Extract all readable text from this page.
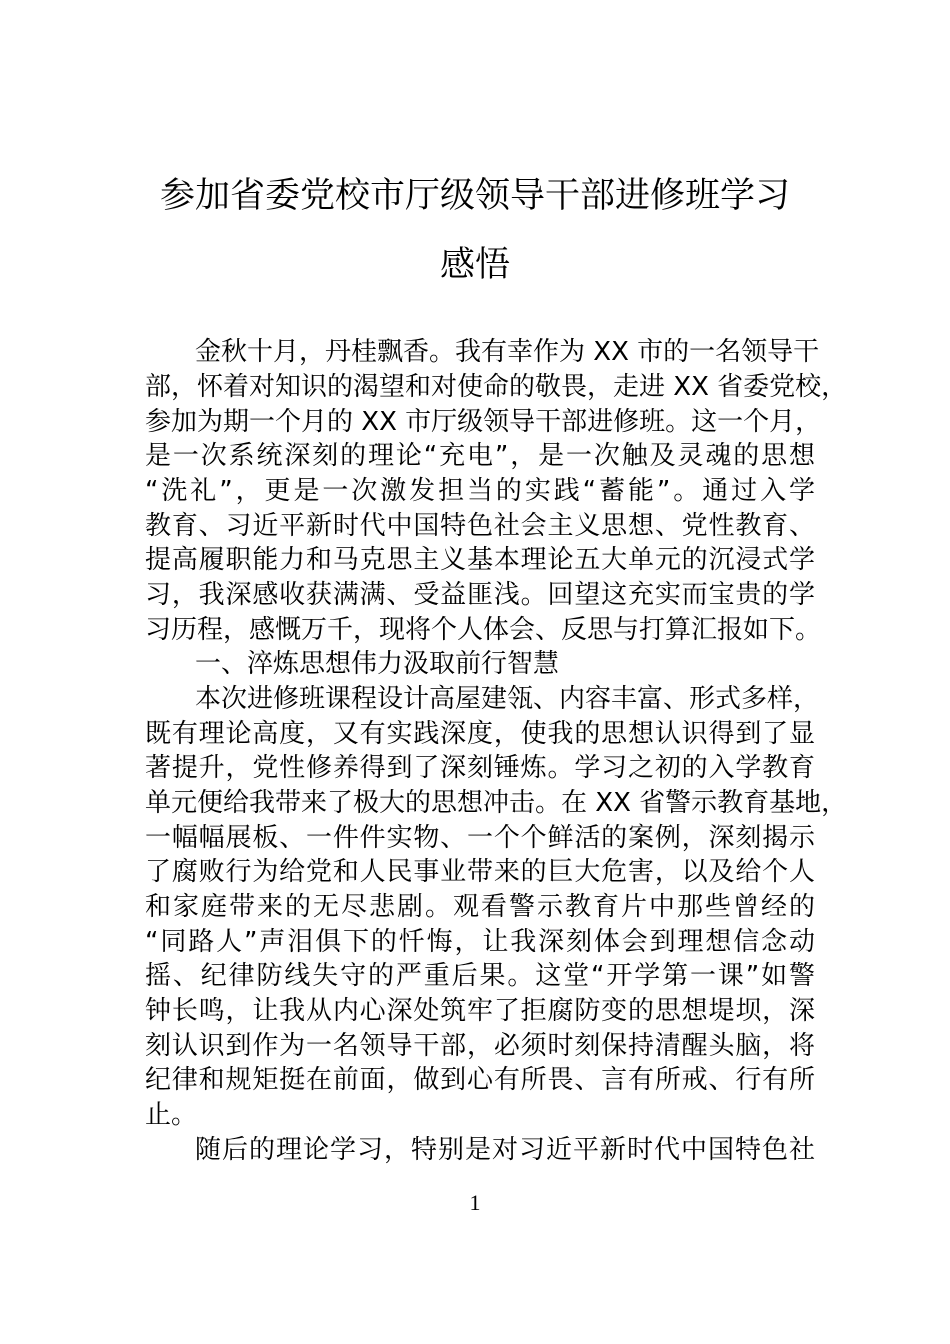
参加省委党校市厅级领导干部进修班学习
感悟
金秋十月，丹桂飘香。我有幸作为 XX 市的一名领导干
部，怀着对知识的渴望和对使命的敬畏，走进 XX 省委党校，
参加为期一个月的 XX 市厅级领导干部进修班。这一个月，
是一次系统深刻的理论“充电”，是一次触及灵魂的思想
“洗礼”，更是一次激发担当的实践“蓄能”。通过入学
教育、习近平新时代中国特色社会主义思想、党性教育、
提高履职能力和马克思主义基本理论五大单元的沉浸式学
习，我深感收获满满、受益匪浅。回望这充实而宝贵的学
习历程，感慨万千，现将个人体会、反思与打算汇报如下。
一、淬炼思想伟力汲取前行智慧
本次进修班课程设计高屋建瓴、内容丰富、形式多样，
既有理论高度，又有实践深度，使我的思想认识得到了显
著提升，党性修养得到了深刻锤炼。学习之初的入学教育
单元便给我带来了极大的思想冲击。在 XX 省警示教育基地，
一幅幅展板、一件件实物、一个个鲜活的案例，深刻揭示
了腐败行为给党和人民事业带来的巨大危害，以及给个人
和家庭带来的无尽悲剧。观看警示教育片中那些曾经的
“同路人”声泪俱下的忏悔，让我深刻体会到理想信念动
摇、纪律防线失守的严重后果。这堂“开学第一课”如警
钟长鸣，让我从内心深处筑牢了拒腐防变的思想堤坝，深
刻认识到作为一名领导干部，必须时刻保持清醒头脑，将
纪律和规矩挺在前面，做到心有所畏、言有所戒、行有所
止。
随后的理论学习，特别是对习近平新时代中国特色社
1
